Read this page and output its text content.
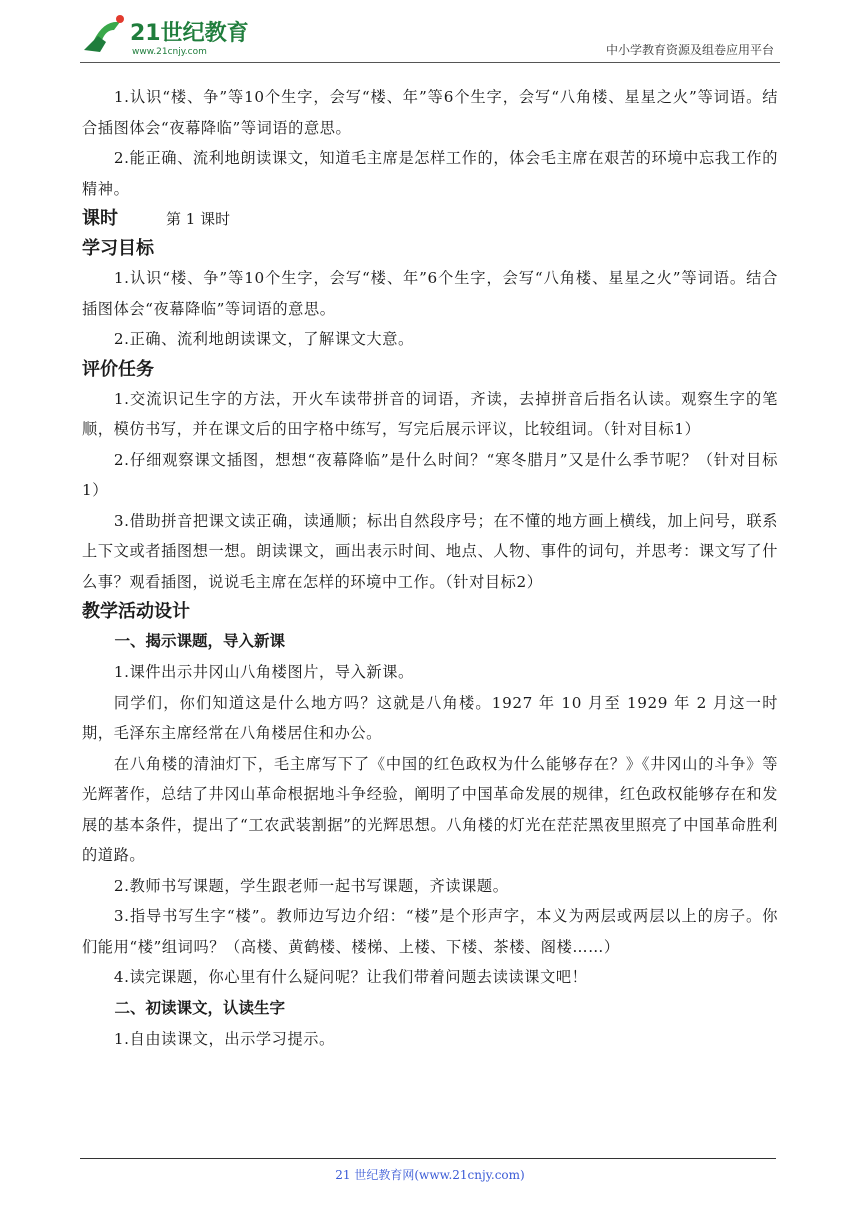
21世纪教育
www.21cnjy.com	中小学教育资源及组卷应用平台

1.认识“楼、争”等10个生字，会写“楼、年”等6个生字，会写“八角楼、星星之火”等词语。结合插图体会“夜幕降临”等词语的意思。

2.能正确、流利地朗读课文，知道毛主席是怎样工作的，体会毛主席在艰苦的环境中忘我工作的精神。

课时	第 1 课时

学习目标

1.认识“楼、争”等10个生字，会写“楼、年”6个生字，会写“八角楼、星星之火”等词语。结合插图体会“夜幕降临”等词语的意思。

2.正确、流利地朗读课文，了解课文大意。

评价任务

1.交流识记生字的方法，开火车读带拼音的词语，齐读，去掉拼音后指名认读。观察生字的笔顺，模仿书写，并在课文后的田字格中练写，写完后展示评议，比较组词。（针对目标1）

2.仔细观察课文插图，想想“夜幕降临”是什么时间？“寒冬腊月”又是什么季节呢？（针对目标1）

3.借助拼音把课文读正确，读通顺；标出自然段序号；在不懂的地方画上横线，加上问号，联系上下文或者插图想一想。朗读课文，画出表示时间、地点、人物、事件的词句，并思考：课文写了什么事？观看插图，说说毛主席在怎样的环境中工作。（针对目标2）

教学活动设计

一、揭示课题，导入新课

1.课件出示井冈山八角楼图片，导入新课。

同学们，你们知道这是什么地方吗？这就是八角楼。1927 年 10 月至 1929 年 2 月这一时期，毛泽东主席经常在八角楼居住和办公。

在八角楼的清油灯下，毛主席写下了《中国的红色政权为什么能够存在？》《井冈山的斗争》等光辉著作，总结了井冈山革命根据地斗争经验，阐明了中国革命发展的规律，红色政权能够存在和发展的基本条件，提出了“工农武装割据”的光辉思想。八角楼的灯光在茫茫黑夜里照亮了中国革命胜利的道路。

2.教师书写课题，学生跟老师一起书写课题，齐读课题。

3.指导书写生字“楼”。教师边写边介绍：“楼”是个形声字，本义为两层或两层以上的房子。你们能用“楼”组词吗？（高楼、黄鹤楼、楼梯、上楼、下楼、茶楼、阁楼……）

4.读完课题，你心里有什么疑问呢？让我们带着问题去读读课文吧！

二、初读课文，认读生字

1.自由读课文，出示学习提示。

21 世纪教育网(www.21cnjy.com)
